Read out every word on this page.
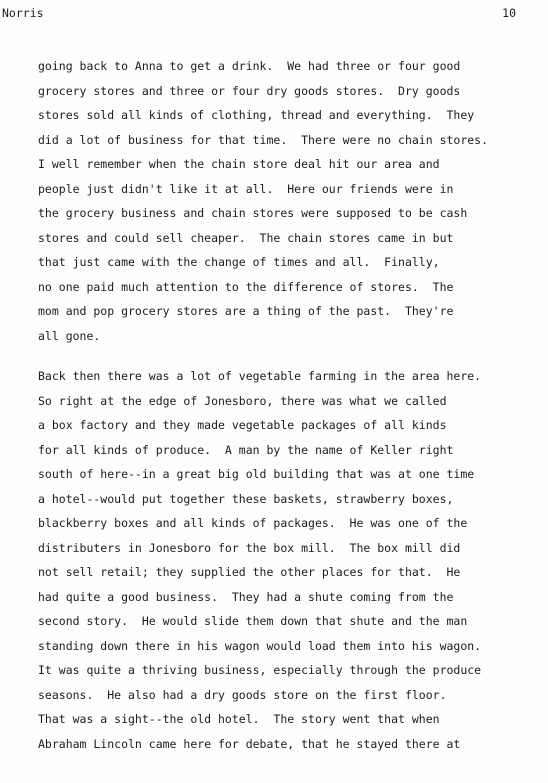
Norris	10
going back to Anna to get a drink.  We had three or four good
grocery stores and three or four dry goods stores.  Dry goods
stores sold all kinds of clothing, thread and everything.  They
did a lot of business for that time.  There were no chain stores.
I well remember when the chain store deal hit our area and
people just didn't like it at all.  Here our friends were in
the grocery business and chain stores were supposed to be cash
stores and could sell cheaper.  The chain stores came in but
that just came with the change of times and all.  Finally,
no one paid much attention to the difference of stores.  The
mom and pop grocery stores are a thing of the past.  They're
all gone.
Back then there was a lot of vegetable farming in the area here.
So right at the edge of Jonesboro, there was what we called
a box factory and they made vegetable packages of all kinds
for all kinds of produce.  A man by the name of Keller right
south of here--in a great big old building that was at one time
a hotel--would put together these baskets, strawberry boxes,
blackberry boxes and all kinds of packages.  He was one of the
distributers in Jonesboro for the box mill.  The box mill did
not sell retail; they supplied the other places for that.  He
had quite a good business.  They had a shute coming from the
second story.  He would slide them down that shute and the man
standing down there in his wagon would load them into his wagon.
It was quite a thriving business, especially through the produce
seasons.  He also had a dry goods store on the first floor.
That was a sight--the old hotel.  The story went that when
Abraham Lincoln came here for debate, that he stayed there at
